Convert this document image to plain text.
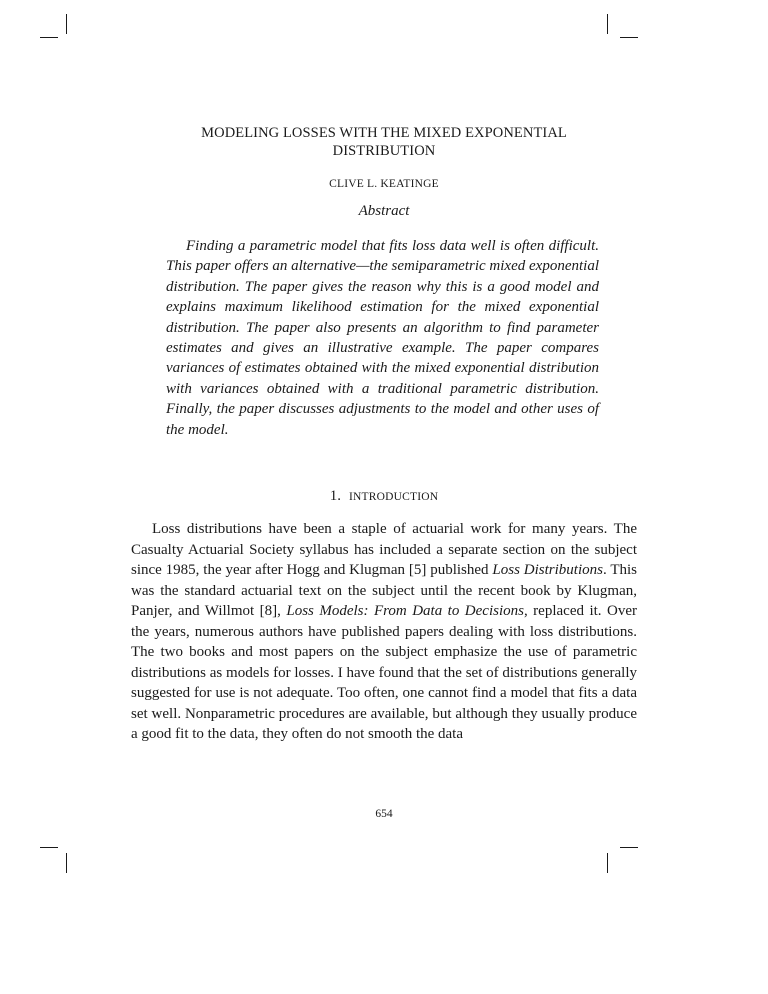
MODELING LOSSES WITH THE MIXED EXPONENTIAL
DISTRIBUTION
CLIVE L. KEATINGE
Abstract

Finding a parametric model that fits loss data well is often difficult. This paper offers an alternative—the semiparametric mixed exponential distribution. The paper gives the reason why this is a good model and explains maximum likelihood estimation for the mixed exponential distribution. The paper also presents an algorithm to find parameter estimates and gives an illustrative example. The paper compares variances of estimates obtained with the mixed exponential distribution with variances obtained with a traditional parametric distribution. Finally, the paper discusses adjustments to the model and other uses of the model.

1. INTRODUCTION

Loss distributions have been a staple of actuarial work for many years. The Casualty Actuarial Society syllabus has included a separate section on the subject since 1985, the year after Hogg and Klugman [5] published Loss Distributions. This was the standard actuarial text on the subject until the recent book by Klugman, Panjer, and Willmot [8], Loss Models: From Data to Decisions, replaced it. Over the years, numerous authors have published papers dealing with loss distributions. The two books and most papers on the subject emphasize the use of parametric distributions as models for losses. I have found that the set of distributions generally suggested for use is not adequate. Too often, one cannot find a model that fits a data set well. Nonparametric procedures are available, but although they usually produce a good fit to the data, they often do not smooth the data

654
